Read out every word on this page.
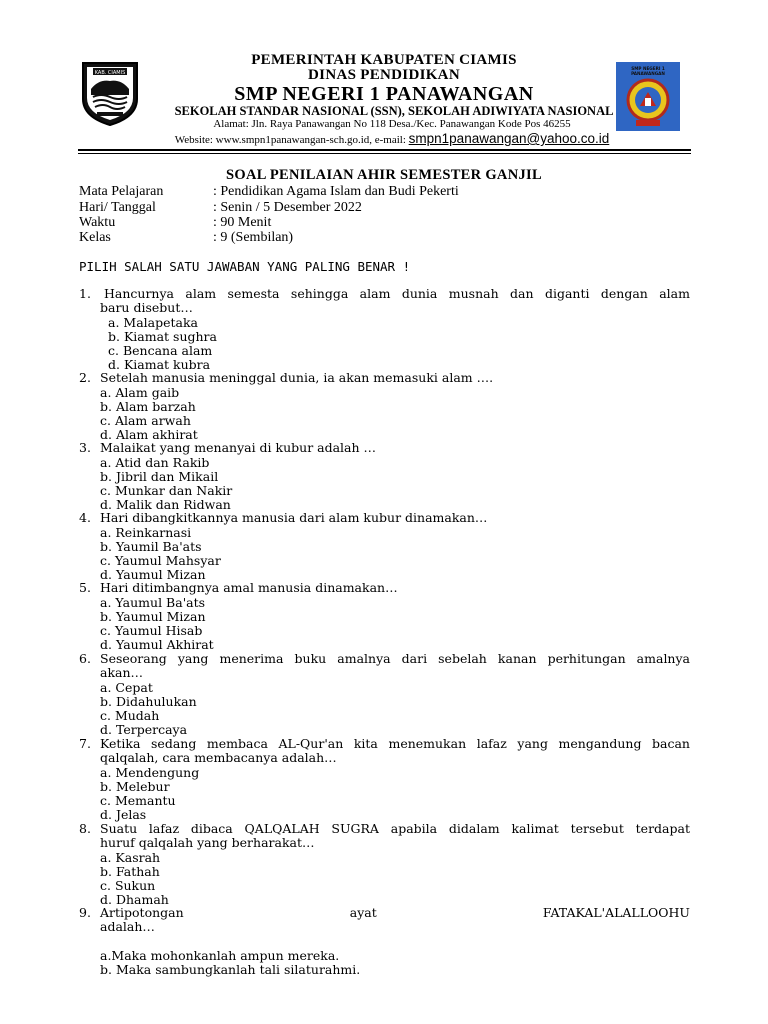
KAB. CIAMIS
SMP NEGERI 1
PANAWANGAN
PEMERINTAH KABUPATEN CIAMIS
DINAS PENDIDIKAN
SMP NEGERI 1 PANAWANGAN
SEKOLAH STANDAR NASIONAL (SSN), SEKOLAH ADIWIYATA NASIONAL
Alamat: Jln. Raya Panawangan No 118 Desa./Kec. Panawangan Kode Pos 46255
Website: www.smpn1panawangan-sch.go.id, e-mail: smpn1panawangan@yahoo.co.id
SOAL PENILAIAN AHIR SEMESTER GANJIL
Mata Pelajaran	: Pendidikan Agama Islam dan Budi Pekerti
Hari/ Tanggal	: Senin / 5 Desember 2022
Waktu	: 90 Menit
Kelas	: 9 (Sembilan)
PILIH SALAH SATU JAWABAN YANG PALING BENAR !
1. Hancurnya alam semesta sehingga alam dunia musnah dan diganti dengan alam
baru disebut…
a. Malapetaka
b. Kiamat sughra
c. Bencana alam
d. Kiamat kubra
2. Setelah manusia meninggal dunia, ia akan memasuki alam ….
a. Alam gaib
b. Alam barzah
c. Alam arwah
d. Alam akhirat
3. Malaikat yang menanyai di kubur adalah …
a. Atid dan Rakib
b. Jibril dan Mikail
c. Munkar dan Nakir
d. Malik dan Ridwan
4. Hari dibangkitkannya manusia dari alam kubur dinamakan…
a. Reinkarnasi
b. Yaumil Ba'ats
c. Yaumul Mahsyar
d. Yaumul Mizan
5. Hari ditimbangnya amal manusia dinamakan…
a. Yaumul Ba'ats
b. Yaumul Mizan
c. Yaumul Hisab
d. Yaumul Akhirat
6. Seseorang yang menerima buku amalnya dari sebelah kanan perhitungan amalnya
akan…
a. Cepat
b. Didahulukan
c. Mudah
d. Terpercaya
7. Ketika sedang membaca AL-Qur'an kita menemukan lafaz yang mengandung bacan
qalqalah, cara membacanya adalah…
a. Mendengung
b. Melebur
c. Memantu
d. Jelas
8. Suatu lafaz dibaca QALQALAH SUGRA apabila didalam kalimat tersebut terdapat
huruf qalqalah yang berharakat…
a. Kasrah
b. Fathah
c. Sukun
d. Dhamah
9. Artipotongan	ayat	FATAKAL'ALALLOOHU
adalah…
a.Maka mohonkanlah ampun mereka.
b. Maka sambungkanlah tali silaturahmi.
